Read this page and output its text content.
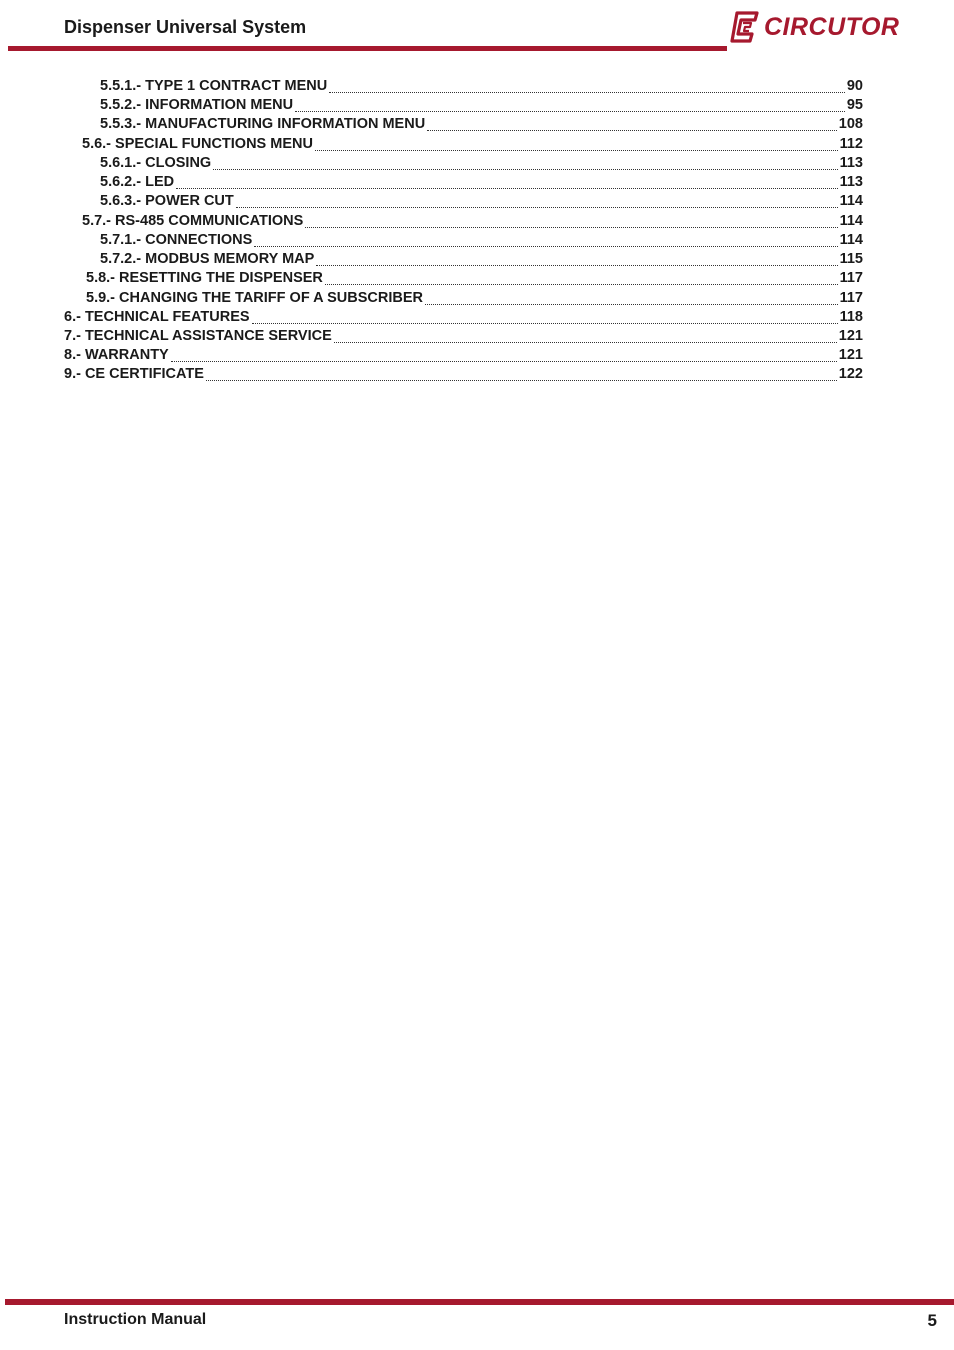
Dispenser Universal System	CIRCUTOR
5.5.1.- TYPE 1 CONTRACT MENU	90
5.5.2.- INFORMATION MENU	95
5.5.3.- MANUFACTURING INFORMATION MENU	108
5.6.- SPECIAL FUNCTIONS MENU	112
5.6.1.- CLOSING	113
5.6.2.- LED	113
5.6.3.- POWER CUT	114
5.7.- RS-485 COMMUNICATIONS	114
5.7.1.- CONNECTIONS	114
5.7.2.- MODBUS MEMORY MAP	115
5.8.- RESETTING THE DISPENSER	117
5.9.- CHANGING THE TARIFF OF A SUBSCRIBER	117
6.- TECHNICAL FEATURES	118
7.- TECHNICAL ASSISTANCE SERVICE	121
8.- WARRANTY	121
9.- CE CERTIFICATE	122
Instruction Manual	5
